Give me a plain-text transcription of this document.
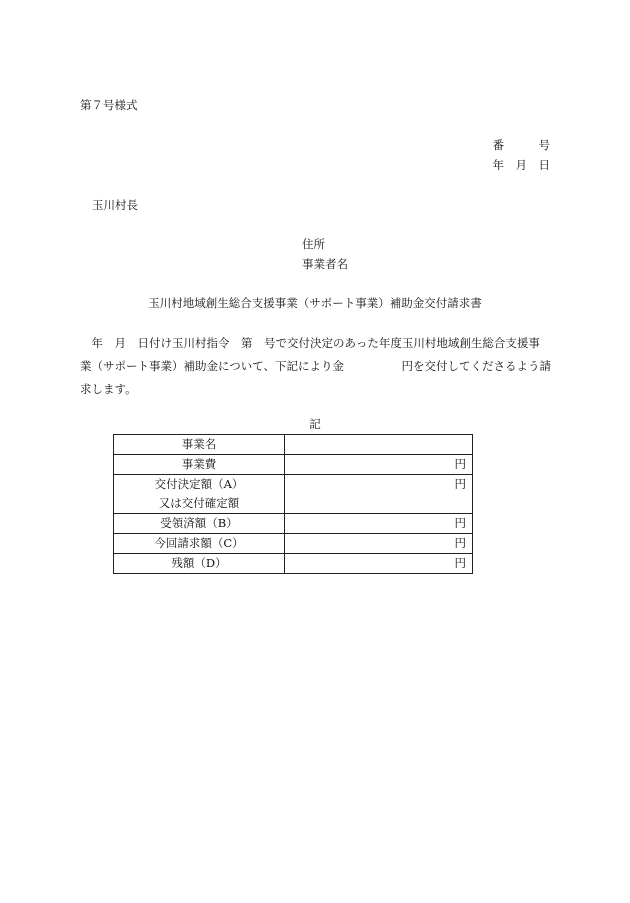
第７号様式
番　　　号
年　月　日
玉川村長
住所
事業者名
玉川村地域創生総合支援事業（サポート事業）補助金交付請求書
　年　月　日付け玉川村指令　第　号で交付決定のあった年度玉川村地域創生総合支援事
業（サポート事業）補助金について、下記により金　　　　　円を交付してくださるよう請
求します。
記
事業名	
事業費	円

交付決定額（A）
又は交付確定額	円
受領済額（B）	円
今回請求額（C）	円
残額（D）	円
